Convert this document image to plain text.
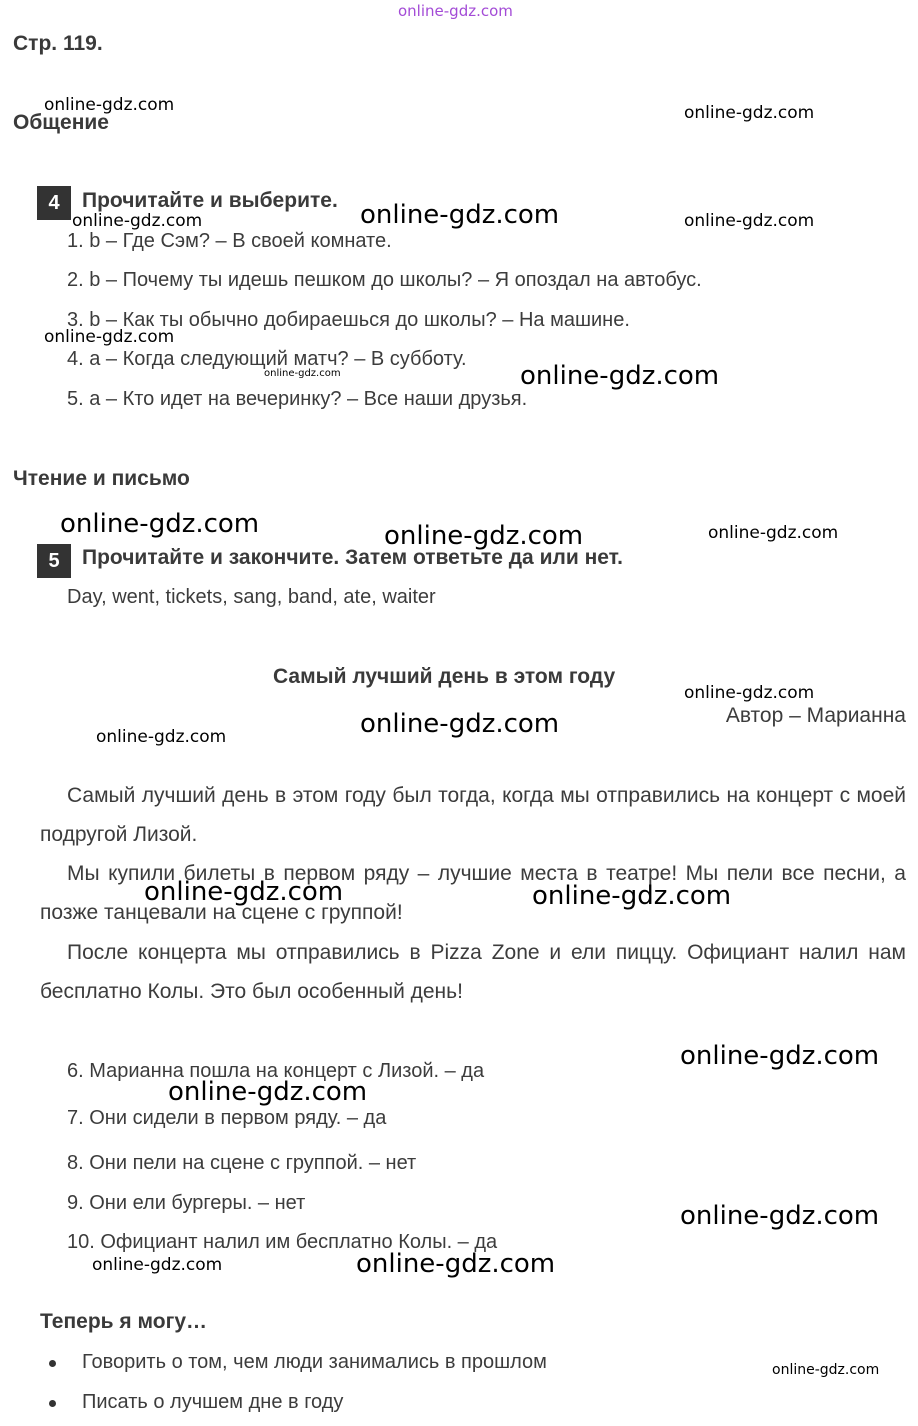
online-gdz.com
Стр. 119.
Общение
4	Прочитайте и выберите.
1. b – Где Сэм? – В своей комнате.
2. b – Почему ты идешь пешком до школы? – Я опоздал на автобус.
3. b – Как ты обычно добираешься до школы? – На машине.
4. a – Когда следующий матч? – В субботу.
5. a – Кто идет на вечеринку? – Все наши друзья.
Чтение и письмо
5	Прочитайте и закончите. Затем ответьте да или нет.
Day, went, tickets, sang, band, ate, waiter
Самый лучший день в этом году
Автор – Марианна
Самый лучший день в этом году был тогда, когда мы отправились на концерт с моей подругой Лизой.
Мы купили билеты в первом ряду – лучшие места в театре! Мы пели все песни, а позже танцевали на сцене с группой!
После концерта мы отправились в Pizza Zone и ели пиццу. Официант налил нам бесплатно Колы. Это был особенный день!
6. Марианна пошла на концерт с Лизой. – да
7. Они сидели в первом ряду. – да
8. Они пели на сцене с группой. – нет
9. Они ели бургеры. – нет
10. Официант налил им бесплатно Колы. – да
Теперь я могу…
Говорить о том, чем люди занимались в прошлом
Писать о лучшем дне в году
online-gdz.com	online-gdz.com
online-gdz.com	online-gdz.com	online-gdz.com
online-gdz.com
online-gdz.com	online-gdz.com
online-gdz.com	online-gdz.com	online-gdz.com
online-gdz.com
online-gdz.com
online-gdz.com
online-gdz.com	online-gdz.com
online-gdz.com
online-gdz.com
online-gdz.com
online-gdz.com	online-gdz.com
online-gdz.com
